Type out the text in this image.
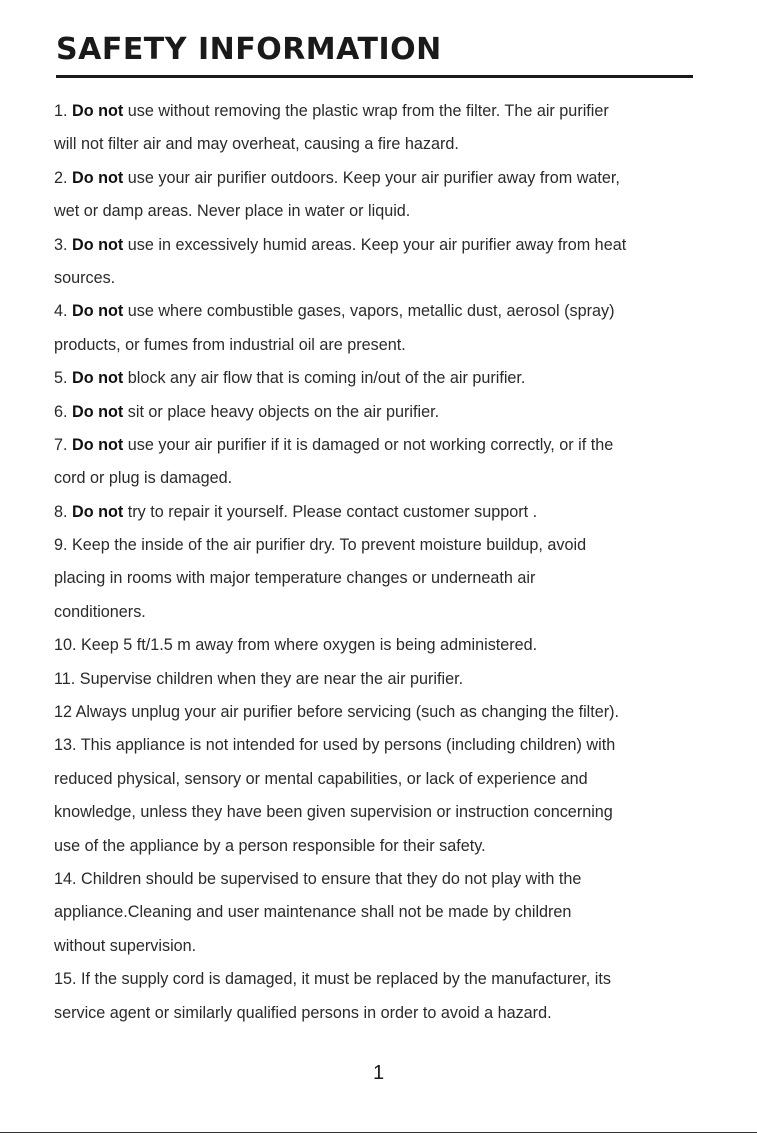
SAFETY INFORMATION
1. Do not use without removing the plastic wrap from the filter. The air purifier
will not filter air and may overheat, causing a fire hazard.
2. Do not use your air purifier outdoors. Keep your air purifier away from water,
wet or damp areas. Never place in water or liquid.
3. Do not use in excessively humid areas. Keep your air purifier away from heat
sources.
4. Do not use where combustible gases, vapors, metallic dust, aerosol (spray)
products, or fumes from industrial oil are present.
5. Do not block any air flow that is coming in/out of the air purifier.
6. Do not sit or place heavy objects on the air purifier.
7. Do not use your air purifier if it is damaged or not working correctly, or if the
cord or plug is damaged.
8. Do not try to repair it yourself. Please contact customer support .
9. Keep the inside of the air purifier dry. To prevent moisture buildup, avoid
placing in rooms with major temperature changes or underneath air
conditioners.
10. Keep 5 ft/1.5 m away from where oxygen is being administered.
11. Supervise children when they are near the air purifier.
12 Always unplug your air purifier before servicing (such as changing the filter).
13. This appliance is not intended for used by persons (including children) with
reduced physical, sensory or mental capabilities, or lack of experience and
knowledge, unless they have been given supervision or instruction concerning
use of the appliance by a person responsible for their safety.
14. Children should be supervised to ensure that they do not play with the
appliance.Cleaning and user maintenance shall not be made by children
without supervision.
15. If the supply cord is damaged, it must be replaced by the manufacturer, its
service agent or similarly qualified persons in order to avoid a hazard.
1
